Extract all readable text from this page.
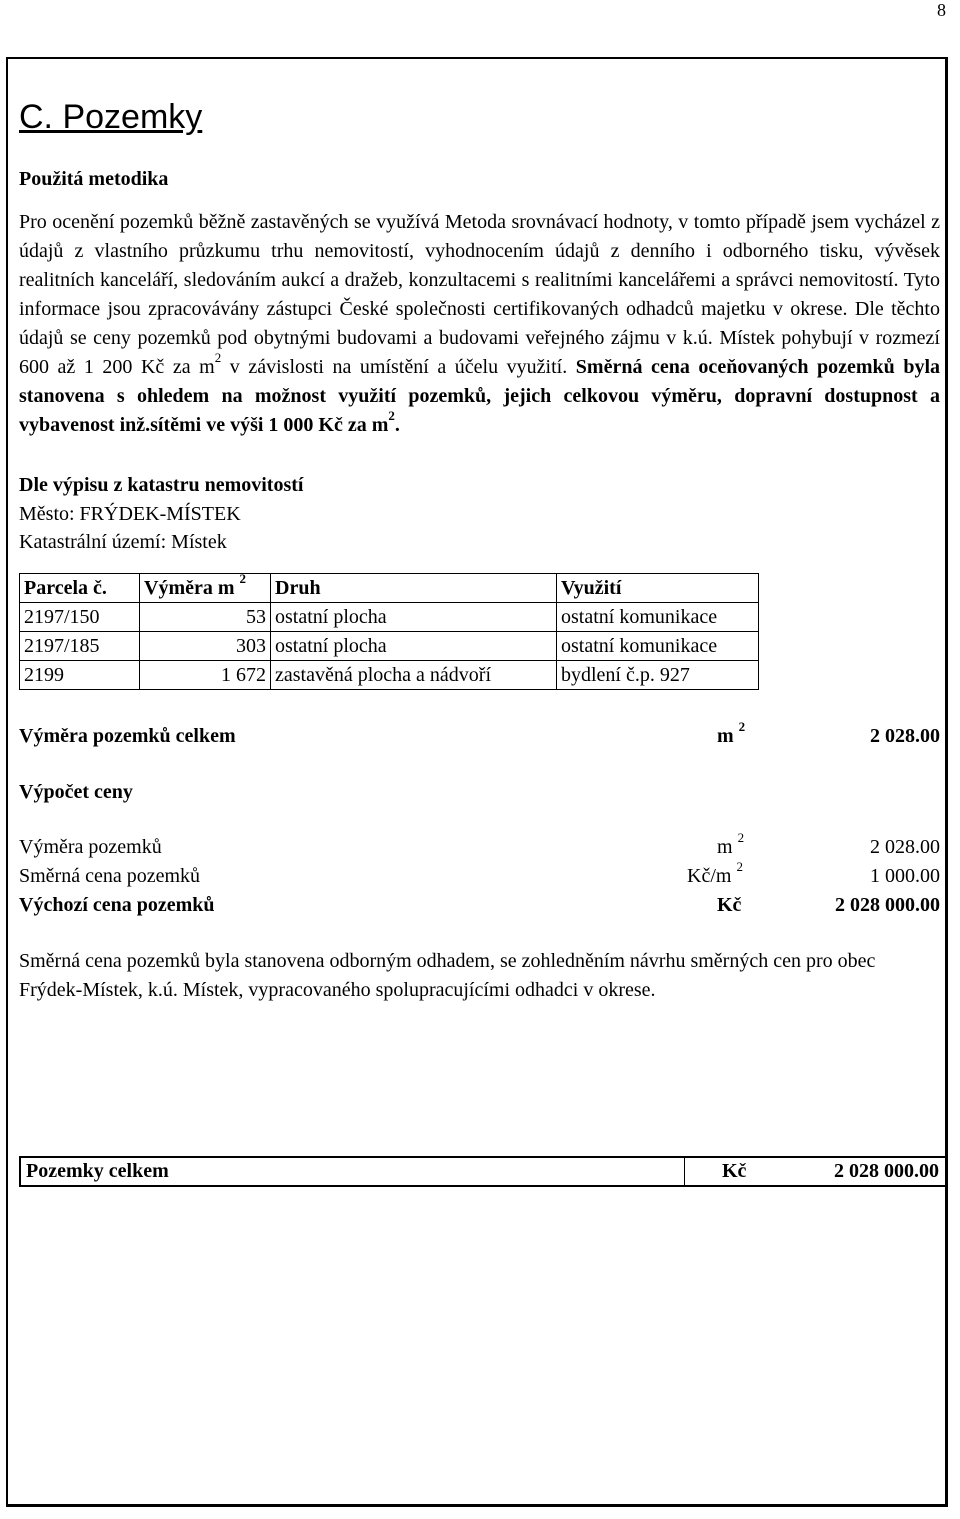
8
C. Pozemky
Použitá metodika
Pro ocenění pozemků běžně zastavěných se využívá Metoda srovnávací hodnoty, v tomto případě jsem vycházel z údajů z vlastního průzkumu trhu nemovitostí, vyhodnocením údajů z denního i odborného tisku, vývěsek realitních kanceláří, sledováním aukcí a dražeb, konzultacemi s realitními kancelářemi a správci nemovitostí. Tyto informace jsou zpracovávány zástupci České společnosti certifikovaných odhadců majetku v okrese. Dle těchto údajů se ceny pozemků pod obytnými budovami a budovami veřejného zájmu v k.ú. Místek pohybují v rozmezí 600 až 1 200 Kč za $m^2$ v závislosti na umístění a účelu využití. Směrná cena oceňovaných pozemků byla stanovena s ohledem na možnost využití pozemků, jejich celkovou výměru, dopravní dostupnost a vybavenost inž.sítěmi ve výši 1 000 Kč za $m^2$.
Dle výpisu z katastru nemovitostí
Město: FRÝDEK-MÍSTEK
Katastrální území: Místek
Parcela č.	Výměra m $^2$	Druh	Využití
2197/150	53	ostatní plocha	ostatní komunikace
2197/185	303	ostatní plocha	ostatní komunikace
2199	1 672	zastavěná plocha a nádvoří	bydlení č.p. 927
Výměra pozemků celkem	m $^2$	2 028.00
Výpočet ceny
Výměra pozemků	m $^2$	2 028.00
Směrná cena pozemků	Kč/m $^2$	1 000.00
Výchozí cena pozemků	Kč	2 028 000.00
Směrná cena pozemků byla stanovena odborným odhadem, se zohledněním návrhu směrných cen pro obec Frýdek-Místek, k.ú. Místek, vypracovaného spolupracujícími odhadci v okrese.
Pozemky celkem	Kč	2 028 000.00
